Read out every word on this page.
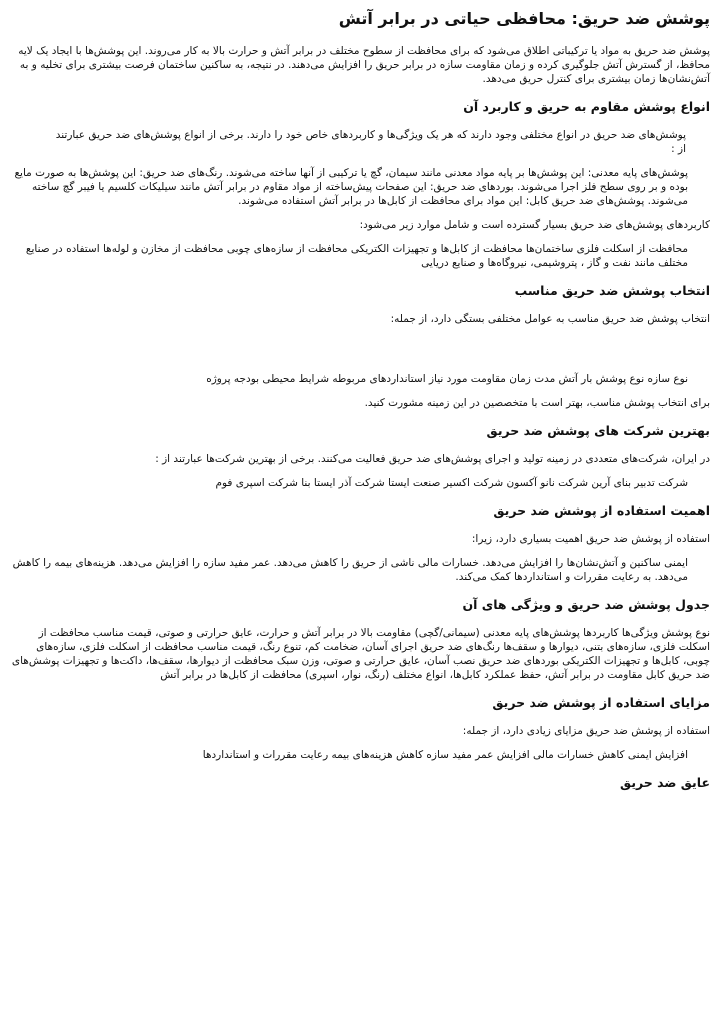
پوشش ضد حریق: محافظی حیاتی در برابر آتش

پوشش ضد حریق به مواد یا ترکیباتی اطلاق می‌شود که برای محافظت از سطوح مختلف در برابر آتش و حرارت بالا به کار می‌روند. این پوشش‌ها با ایجاد یک لایه محافظ، از گسترش آتش جلوگیری کرده و زمان مقاومت سازه در برابر حریق را افزایش می‌دهند. در نتیجه، به ساکنین ساختمان فرصت بیشتری برای تخلیه و به آتش‌نشان‌ها زمان بیشتری برای کنترل حریق می‌دهد.

انواع پوشش مقاوم به حریق و کاربرد آن

پوشش‌های ضد حریق در انواع مختلفی وجود دارند که هر یک ویژگی‌ها و کاربردهای خاص خود را دارند. برخی از انواع پوشش‌های ضد حریق عبارتند از :

پوشش‌های پایه معدنی: این پوشش‌ها بر پایه مواد معدنی مانند سیمان، گچ یا ترکیبی از آنها ساخته می‌شوند. رنگ‌های ضد حریق: این پوشش‌ها به صورت مایع بوده و بر روی سطح فلز اجرا می‌شوند. بوردهای ضد حریق: این صفحات پیش‌ساخته از مواد مقاوم در برابر آتش مانند سیلیکات کلسیم یا فیبر گچ ساخته می‌شوند. پوشش‌های ضد حریق کابل: این مواد برای محافظت از کابل‌ها در برابر آتش استفاده می‌شوند.

کاربردهای پوشش‌های ضد حریق بسیار گسترده است و شامل موارد زیر می‌شود:

محافظت از اسکلت فلزی ساختمان‌ها محافظت از کابل‌ها و تجهیزات الکتریکی محافظت از سازه‌های چوبی محافظت از مخازن و لوله‌ها استفاده در صنایع مختلف مانند نفت و گاز ، پتروشیمی، نیروگاه‌ها و صنایع دریایی

انتخاب پوشش ضد حریق مناسب

انتخاب پوشش ضد حریق مناسب به عوامل مختلفی بستگی دارد، از جمله:

نوع سازه نوع پوشش بار آتش مدت زمان مقاومت مورد نیاز استانداردهای مربوطه شرایط محیطی بودجه پروژه

برای انتخاب پوشش مناسب، بهتر است با متخصصین در این زمینه مشورت کنید.

بهترین شرکت های پوشش ضد حریق

در ایران، شرکت‌های متعددی در زمینه تولید و اجرای پوشش‌های ضد حریق فعالیت می‌کنند. برخی از بهترین شرکت‌ها عبارتند از :

شرکت تدبیر بنای آرین شرکت نانو آکسون شرکت اکسیر صنعت ایستا شرکت آذر ایستا بنا شرکت اسپری فوم

اهمیت استفاده از پوشش ضد حریق

استفاده از پوشش ضد حریق اهمیت بسیاری دارد، زیرا:

ایمنی ساکنین و آتش‌نشان‌ها را افزایش می‌دهد. خسارات مالی ناشی از حریق را کاهش می‌دهد. عمر مفید سازه را افزایش می‌دهد. هزینه‌های بیمه را کاهش می‌دهد. به رعایت مقررات و استانداردها کمک می‌کند.

جدول پوشش ضد حریق و ویژگی های آن

نوع پوشش ویژگی‌ها کاربردها پوشش‌های پایه معدنی (سیمانی/گچی) مقاومت بالا در برابر آتش و حرارت، عایق حرارتی و صوتی، قیمت مناسب محافظت از اسکلت فلزی، سازه‌های بتنی، دیوارها و سقف‌ها رنگ‌های ضد حریق اجرای آسان، ضخامت کم، تنوع رنگ، قیمت مناسب محافظت از اسکلت فلزی، سازه‌های چوبی، کابل‌ها و تجهیزات الکتریکی بوردهای ضد حریق نصب آسان، عایق حرارتی و صوتی، وزن سبک محافظت از دیوارها، سقف‌ها، داکت‌ها و تجهیزات پوشش‌های ضد حریق کابل مقاومت در برابر آتش، حفظ عملکرد کابل‌ها، انواع مختلف (رنگ، نوار، اسپری) محافظت از کابل‌ها در برابر آتش

مزایای استفاده از پوشش ضد حریق

استفاده از پوشش ضد حریق مزایای زیادی دارد، از جمله:

افزایش ایمنی کاهش خسارات مالی افزایش عمر مفید سازه کاهش هزینه‌های بیمه رعایت مقررات و استانداردها

عایق ضد حریق
